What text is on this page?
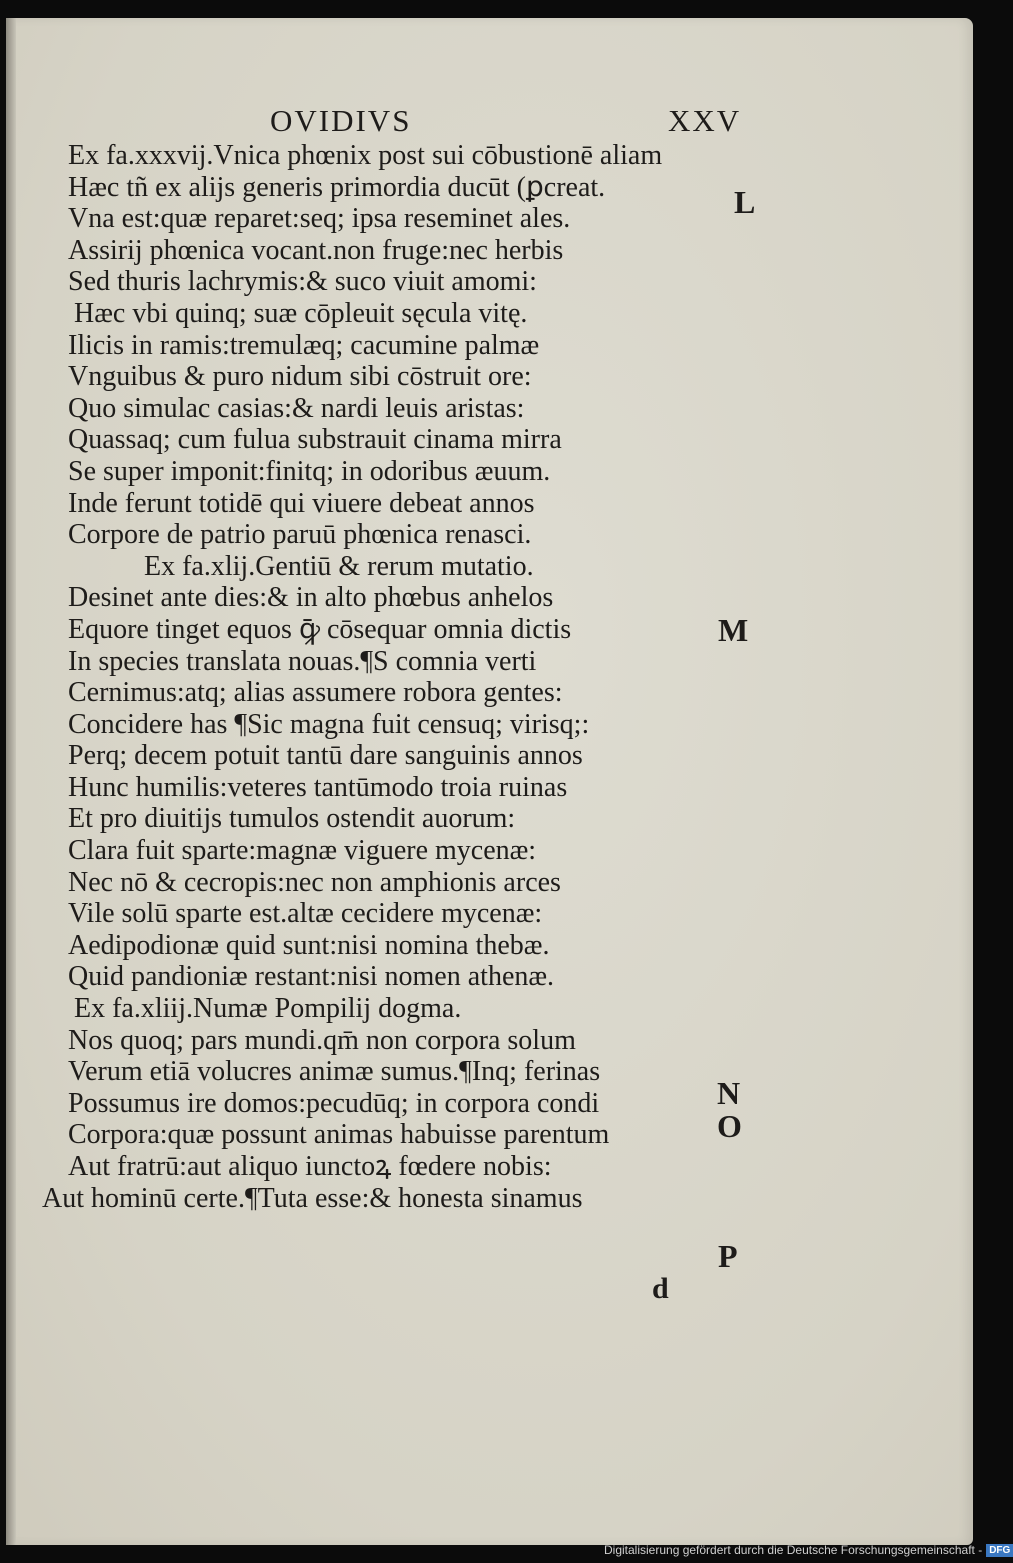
OVIDIVS	XXV
Ex fa.xxxvij.Vnica phœnix post sui cōbustionē aliam
Hæc tñ ex alijs generis primordia ducūt (ꝑcreat.
Vna est:quæ reparet:seq; ipsa reseminet ales.
Assirij phœnica vocant.non fruge:nec herbis
Sed thuris lachrymis:& suco viuit amomi:
Hæc vbi quinq; suæ cōpleuit sęcula vitę.
Ilicis in ramis:tremulæq; cacumine palmæ
Vnguibus & puro nidum sibi cōstruit ore:
Quo simulac casias:& nardi leuis aristas:
Quassaq; cum fulua substrauit cinama mirra
Se super imponit:finitq; in odoribus æuum.
Inde ferunt totidē qui viuere debeat annos
Corpore de patrio paruū phœnica renasci.
Ex fa.xlij.Gentiū & rerum mutatio.
Desinet ante dies:& in alto phœbus anhelos
Equore tinget equos ꝙ̄ cōsequar omnia dictis
In species translata nouas.¶S comnia verti
Cernimus:atq; alias assumere robora gentes:
Concidere has ¶Sic magna fuit censuq; virisq;:
Perq; decem potuit tantū dare sanguinis annos
Hunc humilis:veteres tantūmodo troia ruinas
Et pro diuitijs tumulos ostendit auorum:
Clara fuit sparte:magnæ viguere mycenæ:
Nec nō & cecropis:nec non amphionis arces
Vile solū sparte est.altæ cecidere mycenæ:
Aedipodionæ quid sunt:nisi nomina thebæ.
Quid pandioniæ restant:nisi nomen athenæ.
Ex fa.xliij.Numæ Pompilij dogma.
Nos quoq; pars mundi.qm̄ non corpora solum
Verum etiā volucres animæ sumus.¶Inq; ferinas
Possumus ire domos:pecudūq; in corpora condi
Corpora:quæ possunt animas habuisse parentum
Aut fratrū:aut aliquo iunctoꝝ fœdere nobis:
Aut hominū certe.¶Tuta esse:& honesta sinamus
L
M
N
O
P
d
Digitalisierung gefördert durch die Deutsche Forschungsgemeinschaft - DFG
